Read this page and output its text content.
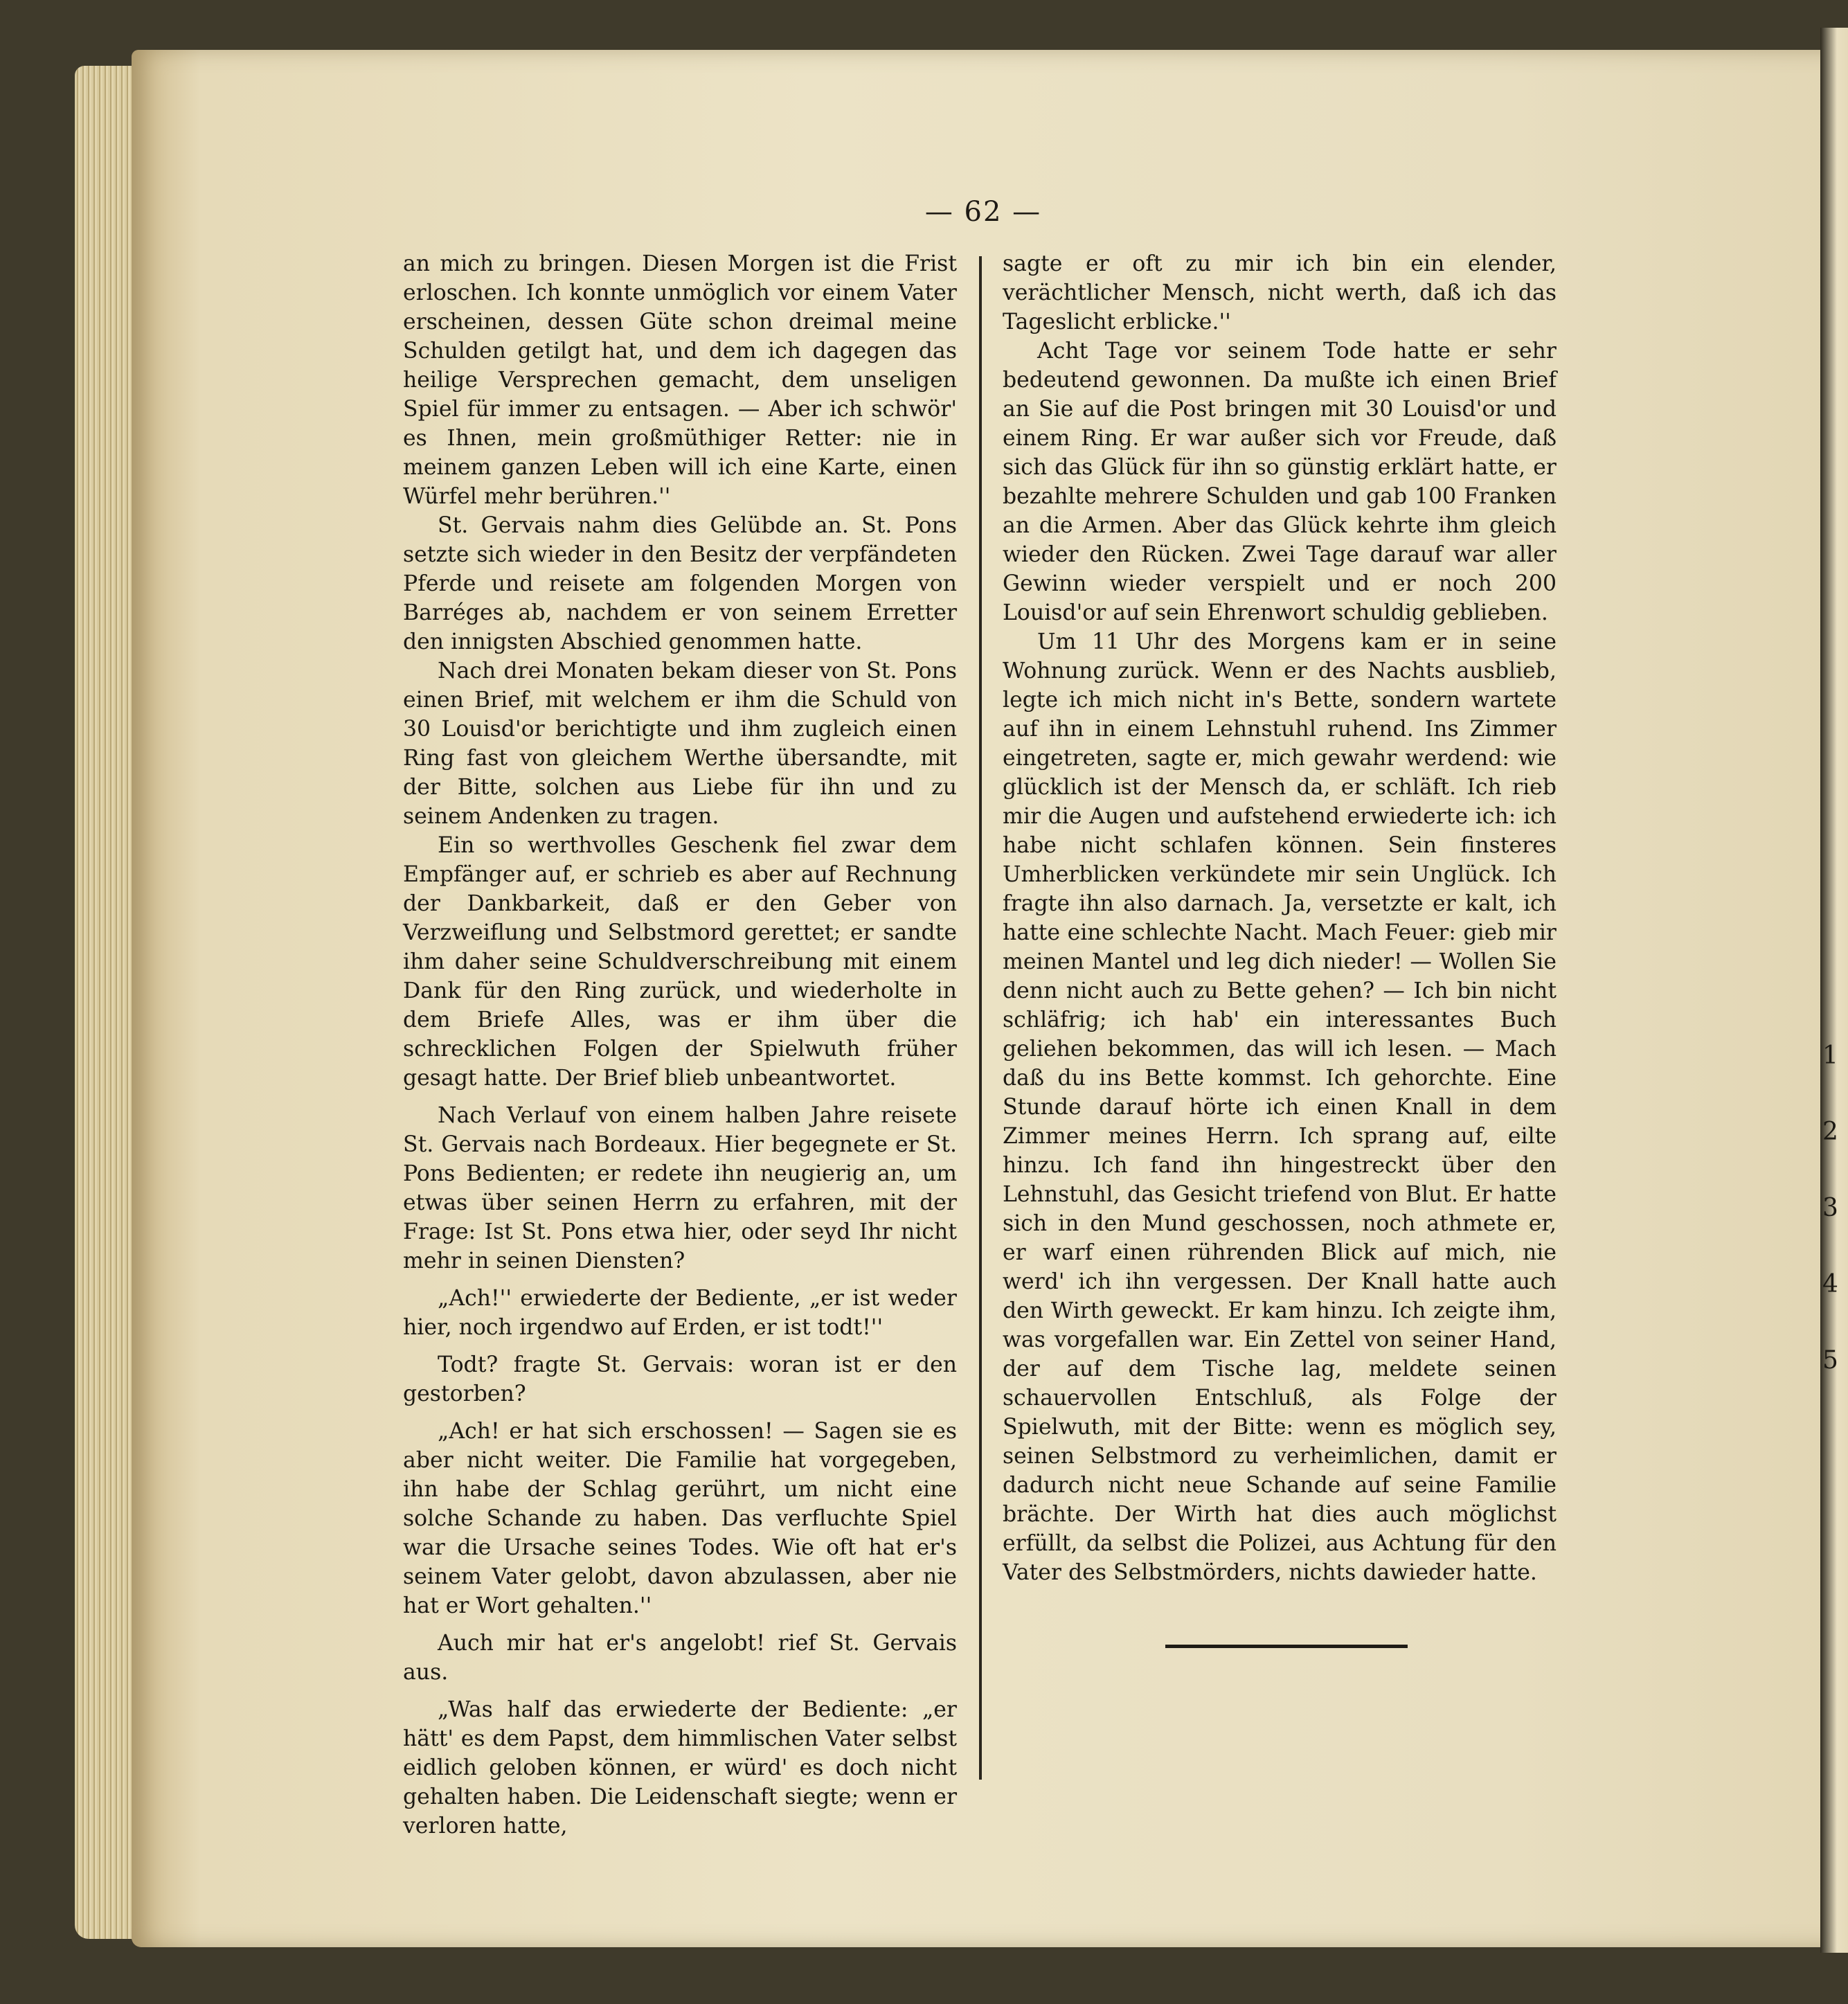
— 62 —

an mich zu bringen. Diesen Morgen ist die Frist erloschen. Ich konnte unmöglich vor einem Vater erscheinen, dessen Güte schon dreimal meine Schulden getilgt hat, und dem ich dagegen das heilige Versprechen gemacht, dem unseligen Spiel für immer zu entsagen. — Aber ich schwör' es Ihnen, mein großmüthiger Retter: nie in meinem ganzen Leben will ich eine Karte, einen Würfel mehr berühren.''

St. Gervais nahm dies Gelübde an. St. Pons setzte sich wieder in den Besitz der verpfändeten Pferde und reisete am folgenden Morgen von Barréges ab, nachdem er von seinem Erretter den innigsten Abschied genommen hatte.

Nach drei Monaten bekam dieser von St. Pons einen Brief, mit welchem er ihm die Schuld von 30 Louisd'or berichtigte und ihm zugleich einen Ring fast von gleichem Werthe übersandte, mit der Bitte, solchen aus Liebe für ihn und zu seinem Andenken zu tragen.

Ein so werthvolles Geschenk fiel zwar dem Empfänger auf, er schrieb es aber auf Rechnung der Dankbarkeit, daß er den Geber von Verzweiflung und Selbstmord gerettet; er sandte ihm daher seine Schuldverschreibung mit einem Dank für den Ring zurück, und wiederholte in dem Briefe Alles, was er ihm über die schrecklichen Folgen der Spielwuth früher gesagt hatte. Der Brief blieb unbeantwortet.

Nach Verlauf von einem halben Jahre reisete St. Gervais nach Bordeaux. Hier begegnete er St. Pons Bedienten; er redete ihn neugierig an, um etwas über seinen Herrn zu erfahren, mit der Frage: Ist St. Pons etwa hier, oder seyd Ihr nicht mehr in seinen Diensten?

„Ach!'' erwiederte der Bediente, „er ist weder hier, noch irgendwo auf Erden, er ist todt!''

Todt? fragte St. Gervais: woran ist er den gestorben?

„Ach! er hat sich erschossen! — Sagen sie es aber nicht weiter. Die Familie hat vorgegeben, ihn habe der Schlag gerührt, um nicht eine solche Schande zu haben. Das verfluchte Spiel war die Ursache seines Todes. Wie oft hat er's seinem Vater gelobt, davon abzulassen, aber nie hat er Wort gehalten.''

Auch mir hat er's angelobt! rief St. Gervais aus.

„Was half das erwiederte der Bediente: „er hätt' es dem Papst, dem himmlischen Vater selbst eidlich geloben können, er würd' es doch nicht gehalten haben. Die Leidenschaft siegte; wenn er verloren hatte,

sagte er oft zu mir ich bin ein elender, verächtlicher Mensch, nicht werth, daß ich das Tageslicht erblicke.''

Acht Tage vor seinem Tode hatte er sehr bedeutend gewonnen. Da mußte ich einen Brief an Sie auf die Post bringen mit 30 Louisd'or und einem Ring. Er war außer sich vor Freude, daß sich das Glück für ihn so günstig erklärt hatte, er bezahlte mehrere Schulden und gab 100 Franken an die Armen. Aber das Glück kehrte ihm gleich wieder den Rücken. Zwei Tage darauf war aller Gewinn wieder verspielt und er noch 200 Louisd'or auf sein Ehrenwort schuldig geblieben.

Um 11 Uhr des Morgens kam er in seine Wohnung zurück. Wenn er des Nachts ausblieb, legte ich mich nicht in's Bette, sondern wartete auf ihn in einem Lehnstuhl ruhend. Ins Zimmer eingetreten, sagte er, mich gewahr werdend: wie glücklich ist der Mensch da, er schläft. Ich rieb mir die Augen und aufstehend erwiederte ich: ich habe nicht schlafen können. Sein finsteres Umherblicken verkündete mir sein Unglück. Ich fragte ihn also darnach. Ja, versetzte er kalt, ich hatte eine schlechte Nacht. Mach Feuer: gieb mir meinen Mantel und leg dich nieder! — Wollen Sie denn nicht auch zu Bette gehen? — Ich bin nicht schläfrig; ich hab' ein interessantes Buch geliehen bekommen, das will ich lesen. — Mach daß du ins Bette kommst. Ich gehorchte. Eine Stunde darauf hörte ich einen Knall in dem Zimmer meines Herrn. Ich sprang auf, eilte hinzu. Ich fand ihn hingestreckt über den Lehnstuhl, das Gesicht triefend von Blut. Er hatte sich in den Mund geschossen, noch athmete er, er warf einen rührenden Blick auf mich, nie werd' ich ihn vergessen. Der Knall hatte auch den Wirth geweckt. Er kam hinzu. Ich zeigte ihm, was vorgefallen war. Ein Zettel von seiner Hand, der auf dem Tische lag, meldete seinen schauervollen Entschluß, als Folge der Spielwuth, mit der Bitte: wenn es möglich sey, seinen Selbstmord zu verheimlichen, damit er dadurch nicht neue Schande auf seine Familie brächte. Der Wirth hat dies auch möglichst erfüllt, da selbst die Polizei, aus Achtung für den Vater des Selbstmörders, nichts dawieder hatte.

1
2
3
4
5
